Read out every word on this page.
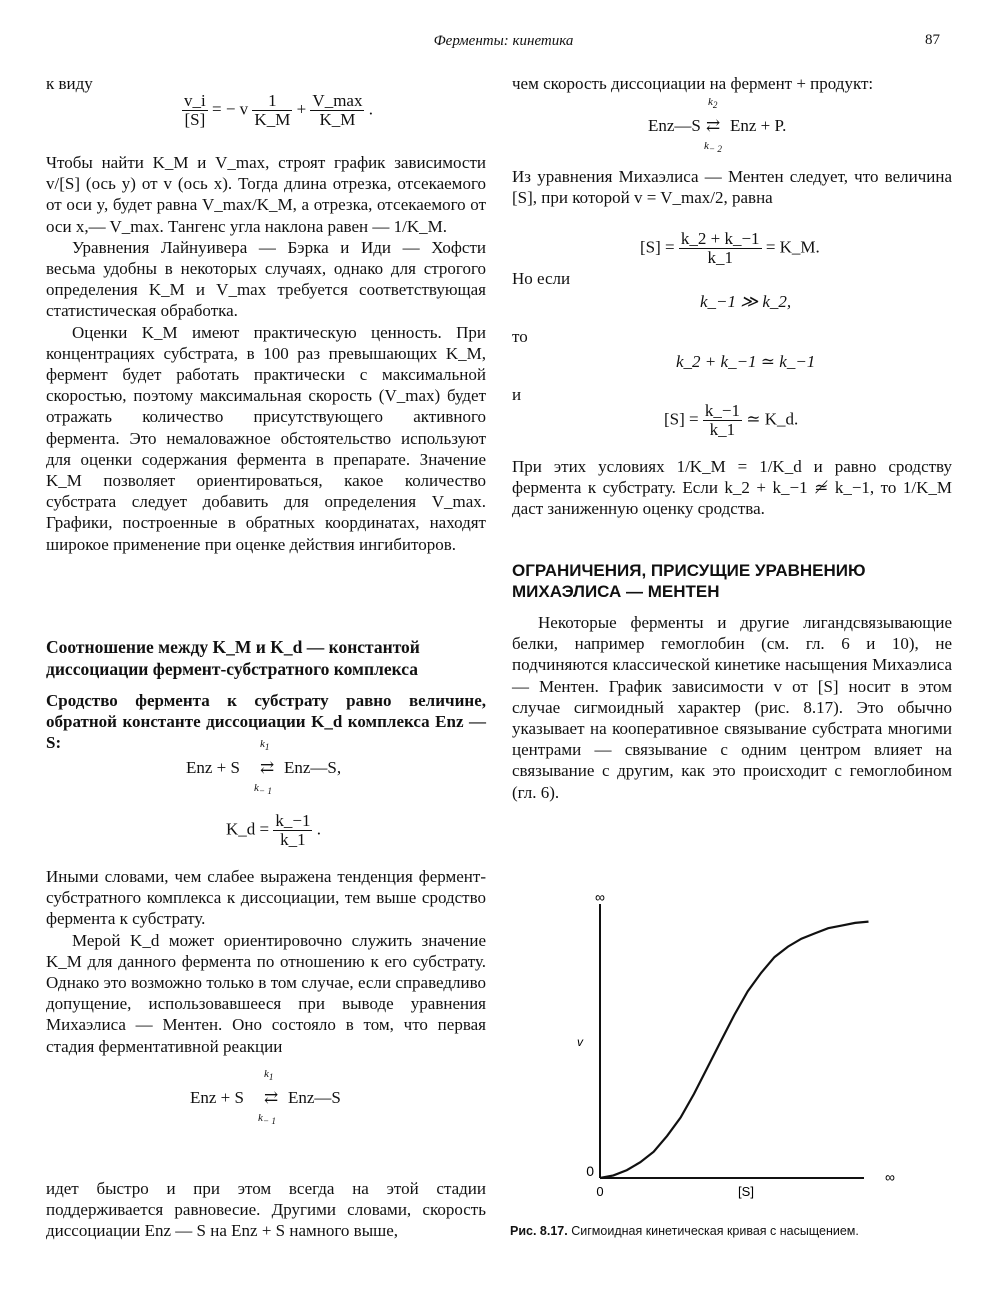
Ферменты: кинетика	87
к виду
$\frac{v\_i}{[S]}$ = − v $\frac{1}{K\_M} + \frac{V\_\max}{K\_M}$ .

Чтобы найти K_M и V_max, строят график зависимости v/[S] (ось y) от v (ось x). Тогда длина отрезка, отсекаемого от оси y, будет равна V_max/K_M, а отрезка, отсекаемого от оси x,— V_max. Тангенс угла наклона равен — 1/K_M.

Уравнения Лайнуивера — Бэрка и Иди — Хофсти весьма удобны в некоторых случаях, однако для строгого определения K_M и V_max требуется соответствующая статистическая обработка.

Оценки K_M имеют практическую ценность. При концентрациях субстрата, в 100 раз превышающих K_M, фермент будет работать практически с максимальной скоростью, поэтому максимальная скорость (V_max) будет отражать количество присутствующего активного фермента. Это немаловажное обстоятельство используют для оценки содержания фермента в препарате. Значение K_M позволяет ориентироваться, какое количество субстрата следует добавить для определения V_max. Графики, построенные в обратных координатах, находят широкое применение при оценке действия ингибиторов.

Соотношение между K_M и K_d — константой диссоциации фермент-субстратного комплекса
Сродство фермента к субстрату равно величине, обратной константе диссоциации K_d комплекса Enz — S:
Enz + S ⇄ Enz—S,
$k_1$
$k_{- 1}$
K_d = $\frac{k\_-1}{k\_1}$ .

Иными словами, чем слабее выражена тенденция фермент-субстратного комплекса к диссоциации, тем выше сродство фермента к субстрату.

Мерой K_d может ориентировочно служить значение K_M для данного фермента по отношению к его субстрату. Однако это возможно только в том случае, если справедливо допущение, использовавшееся при выводе уравнения Михаэлиса — Ментен. Оно состояло в том, что первая стадия ферментативной реакции

Enz + S ⇄ Enz—S
$k_1$
$k_{- 1}$
идет быстро и при этом всегда на этой стадии поддерживается равновесие. Другими словами, скорость диссоциации Enz — S на Enz + S намного выше,
чем скорость диссоциации на фермент + продукт:
Enz—S ⇄ Enz + P.
$k_2$
$k_{- 2}$
Из уравнения Михаэлиса — Ментен следует, что величина [S], при которой v = V_max/2, равна
$[S] = \frac{k\_2 + k\_-1}{k\_1}$ = K_M.
Но если
k_−1 ≫ k_2,
то
k_2 + k_−1 ≃ k_−1
и
$[S] = \frac{k\_-1}{k\_1}$ ≃ K_d.
При этих условиях 1/K_M = 1/K_d и равно сродству фермента к субстрату. Если k_2 + k_−1 ≄ k_−1, то 1/K_M даст заниженную оценку сродства.
ОГРАНИЧЕНИЯ, ПРИСУЩИЕ УРАВНЕНИЮ МИХАЭЛИСА — МЕНТЕН

Некоторые ферменты и другие лигандсвязывающие белки, например гемоглобин (см. гл. 6 и 10), не подчиняются классической кинетике насыщения Михаэлиса — Ментен. График зависимости v от [S] носит в этом случае сигмоидный характер (рис. 8.17). Это обычно указывает на кооперативное связывание субстрата многими центрами — связывание с одним центром влияет на связывание с другим, как это происходит с гемоглобином (гл. 6).

∞
0
0
∞
[S]
v
Рис. 8.17. Сигмоидная кинетическая кривая с насыщением.
